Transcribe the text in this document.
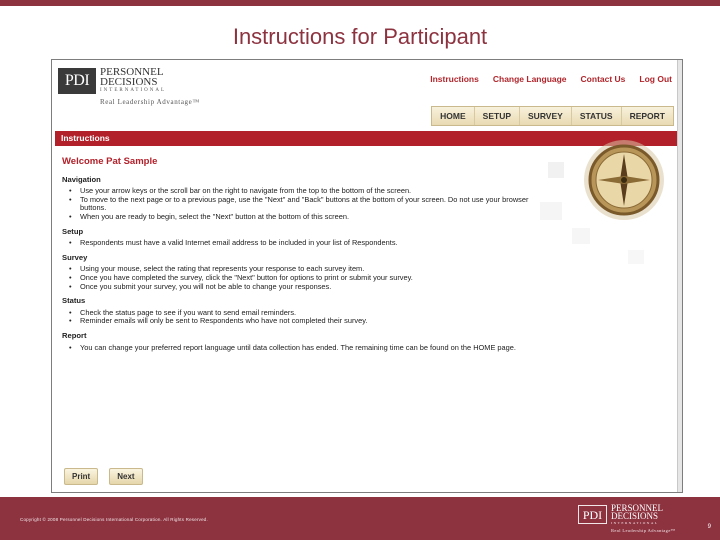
Instructions for Participant
PDI PERSONNEL
DECISIONS
INTERNATIONAL
Real Leadership Advantage™
Instructions Change Language Contact Us Log Out
HOME	SETUP	SURVEY	STATUS	REPORT
Instructions
Welcome Pat Sample
Navigation
• Use your arrow keys or the scroll bar on the right to navigate from the top to the bottom of the screen.
• To move to the next page or to a previous page, use the "Next" and "Back" buttons at the bottom of your screen. Do not use your browser buttons.
• When you are ready to begin, select the "Next" button at the bottom of this screen.
Setup
• Respondents must have a valid Internet email address to be included in your list of Respondents.
Survey
• Using your mouse, select the rating that represents your response to each survey item.
• Once you have completed the survey, click the "Next" button for options to print or submit your survey.
• Once you submit your survey, you will not be able to change your responses.
Status
• Check the status page to see if you want to send email reminders.
• Reminder emails will only be sent to Respondents who have not completed their survey.
Report
• You can change your preferred report language until data collection has ended. The remaining time can be found on the HOME page.
Print	Next
Copyright © 2008 Personnel Decisions International Corporation. All Rights Reserved.	PDI PERSONNEL
DECISIONS
INTERNATIONAL
Real Leadership Advantage™
9
